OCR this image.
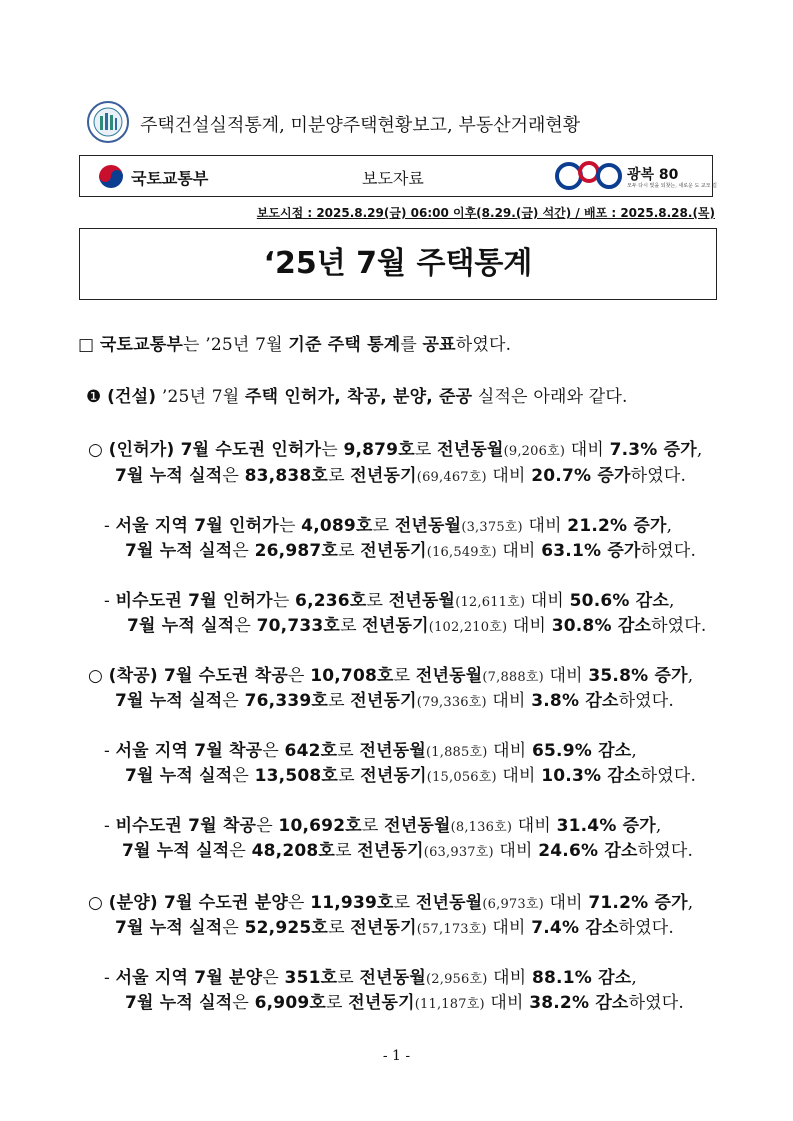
주택건설실적통계, 미분양주택현황보고, 부동산거래현황
국토교통부	보도자료	광복 80
모두 다시 빛을 되찾는, 새로운 도 교모 길
보도시점 : 2025.8.29(금) 06:00 이후(8.29.(금) 석간) / 배포 : 2025.8.28.(목)
‘25년 7월 주택통계
□ 국토교통부는 ’25년 7월 기준 주택 통계를 공표하였다.
❶ (건설) ’25년 7월 주택 인허가, 착공, 분양, 준공 실적은 아래와 같다.
○ (인허가) 7월 수도권 인허가는 9,879호로 전년동월(9,206호) 대비 7.3% 증가,
7월 누적 실적은 83,838호로 전년동기(69,467호) 대비 20.7% 증가하였다.
- 서울 지역 7월 인허가는 4,089호로 전년동월(3,375호) 대비 21.2% 증가,
7월 누적 실적은 26,987호로 전년동기(16,549호) 대비 63.1% 증가하였다.
- 비수도권 7월 인허가는 6,236호로 전년동월(12,611호) 대비 50.6% 감소,
7월 누적 실적은 70,733호로 전년동기(102,210호) 대비 30.8% 감소하였다.
○ (착공) 7월 수도권 착공은 10,708호로 전년동월(7,888호) 대비 35.8% 증가,
7월 누적 실적은 76,339호로 전년동기(79,336호) 대비 3.8% 감소하였다.
- 서울 지역 7월 착공은 642호로 전년동월(1,885호) 대비 65.9% 감소,
7월 누적 실적은 13,508호로 전년동기(15,056호) 대비 10.3% 감소하였다.
- 비수도권 7월 착공은 10,692호로 전년동월(8,136호) 대비 31.4% 증가,
7월 누적 실적은 48,208호로 전년동기(63,937호) 대비 24.6% 감소하였다.
○ (분양) 7월 수도권 분양은 11,939호로 전년동월(6,973호) 대비 71.2% 증가,
7월 누적 실적은 52,925호로 전년동기(57,173호) 대비 7.4% 감소하였다.
- 서울 지역 7월 분양은 351호로 전년동월(2,956호) 대비 88.1% 감소,
7월 누적 실적은 6,909호로 전년동기(11,187호) 대비 38.2% 감소하였다.
- 1 -
